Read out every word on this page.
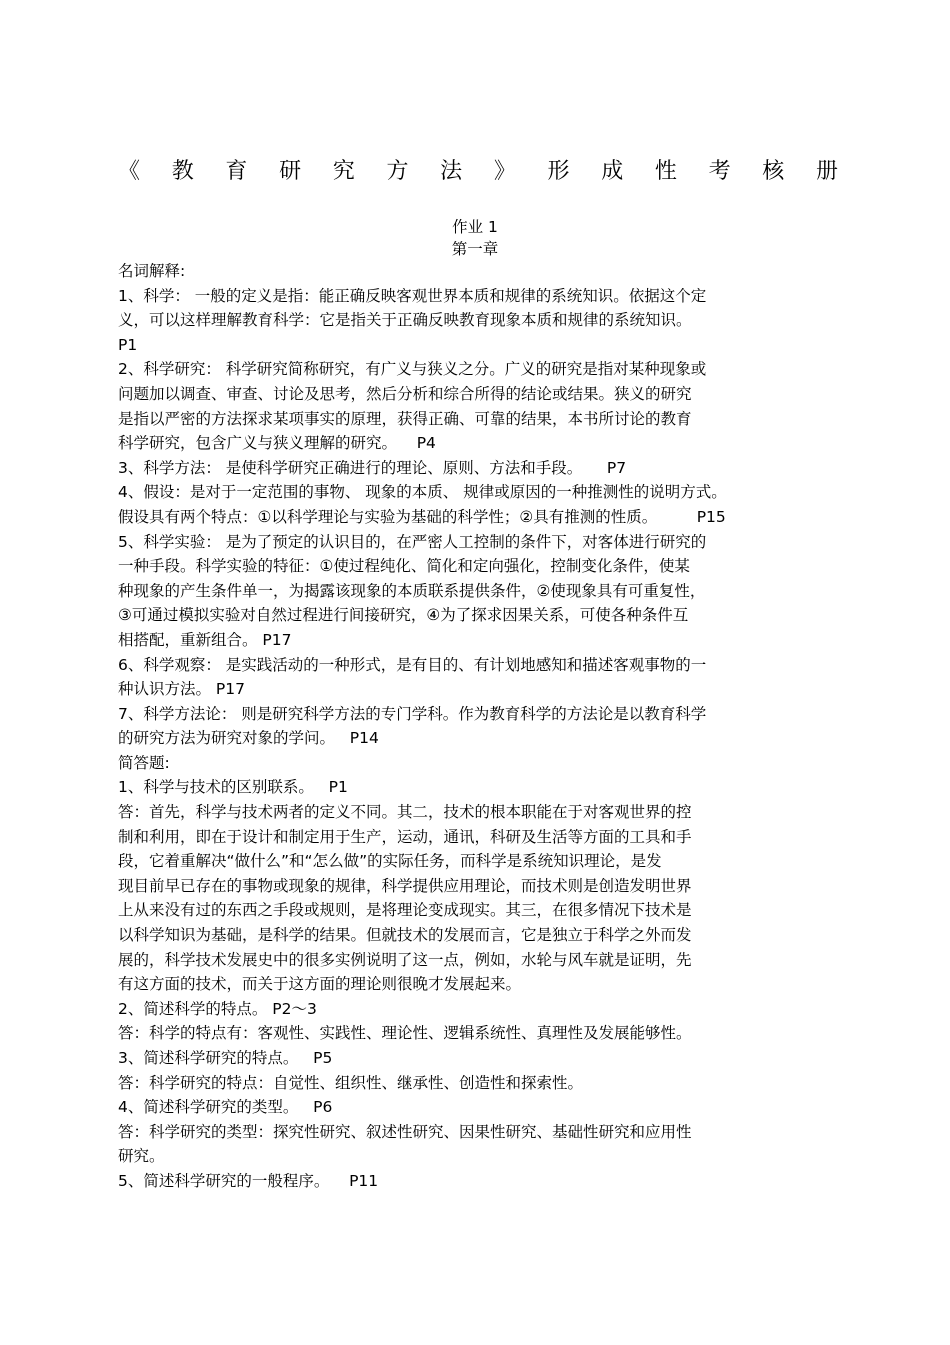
《 教 育 研 究 方 法 》 形 成 性 考 核 册
作业 1
第一章
名词解释:
1、科学： 一般的定义是指：能正确反映客观世界本质和规律的系统知识。依据这个定
义，可以这样理解教育科学：它是指关于正确反映教育现象本质和规律的系统知识。
P1
2、科学研究： 科学研究简称研究，有广义与狭义之分。广义的研究是指对某种现象或
问题加以调查、审查、讨论及思考，然后分析和综合所得的结论或结果。狭义的研究
是指以严密的方法探求某项事实的原理，获得正确、可靠的结果，本书所讨论的教育
科学研究，包含广义与狭义理解的研究。    P4
3、科学方法： 是使科学研究正确进行的理论、原则、方法和手段。     P7
4、假设：是对于一定范围的事物、 现象的本质、 规律或原因的一种推测性的说明方式。
假设具有两个特点：①以科学理论与实验为基础的科学性；②具有推测的性质。        P15
5、科学实验： 是为了预定的认识目的，在严密人工控制的条件下，对客体进行研究的
一种手段。科学实验的特征：①使过程纯化、简化和定向强化，控制变化条件，使某
种现象的产生条件单一，为揭露该现象的本质联系提供条件，②使现象具有可重复性，
③可通过模拟实验对自然过程进行间接研究，④为了探求因果关系，可使各种条件互
相搭配，重新组合。 P17
6、科学观察： 是实践活动的一种形式，是有目的、有计划地感知和描述客观事物的一
种认识方法。 P17
7、科学方法论： 则是研究科学方法的专门学科。作为教育科学的方法论是以教育科学
的研究方法为研究对象的学问。   P14
简答题:
1、科学与技术的区别联系。   P1
答：首先，科学与技术两者的定义不同。其二，技术的根本职能在于对客观世界的控
制和利用，即在于设计和制定用于生产，运动，通讯，科研及生活等方面的工具和手
段，它着重解决“做什么”和“怎么做”的实际任务，而科学是系统知识理论，是发
现目前早已存在的事物或现象的规律，科学提供应用理论，而技术则是创造发明世界
上从来没有过的东西之手段或规则，是将理论变成现实。其三，在很多情况下技术是
以科学知识为基础，是科学的结果。但就技术的发展而言，它是独立于科学之外而发
展的，科学技术发展史中的很多实例说明了这一点，例如，水轮与风车就是证明，先
有这方面的技术，而关于这方面的理论则很晚才发展起来。
2、简述科学的特点。 P2～3
答：科学的特点有：客观性、实践性、理论性、逻辑系统性、真理性及发展能够性。
3、简述科学研究的特点。   P5
答：科学研究的特点：自觉性、组织性、继承性、创造性和探索性。
4、简述科学研究的类型。   P6
答：科学研究的类型：探究性研究、叙述性研究、因果性研究、基础性研究和应用性
研究。
5、简述科学研究的一般程序。    P11
